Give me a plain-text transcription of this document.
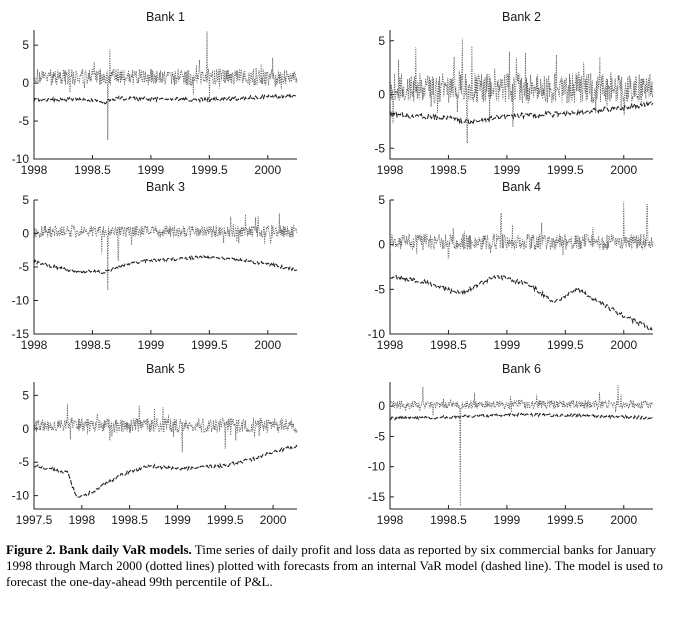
Bank 1
5
0
-5
-10
1998 1998.5 1999 1999.5 2000
Bank 2
5
0
-5
1998 1998.5 1999 1999.5 2000
Bank 3
5
0
-5
-10
-15
1998 1998.5 1999 1999.5 2000
Bank 4
5
0
-5
-10
1998 1998.5 1999 1999.5 2000
Bank 5
5
0
-5
-10
1997.5 1998 1998.5 1999 1999.5 2000
Bank 6
0
-5
-10
-15
1998 1998.5 1999 1999.5 2000
Figure 2. Bank daily VaR models. Time series of daily profit and loss data as reported by six commercial banks for January 1998 through March 2000 (dotted lines) plotted with forecasts from an internal VaR model (dashed line). The model is used to forecast the one-day-ahead 99th percentile of P&L.
